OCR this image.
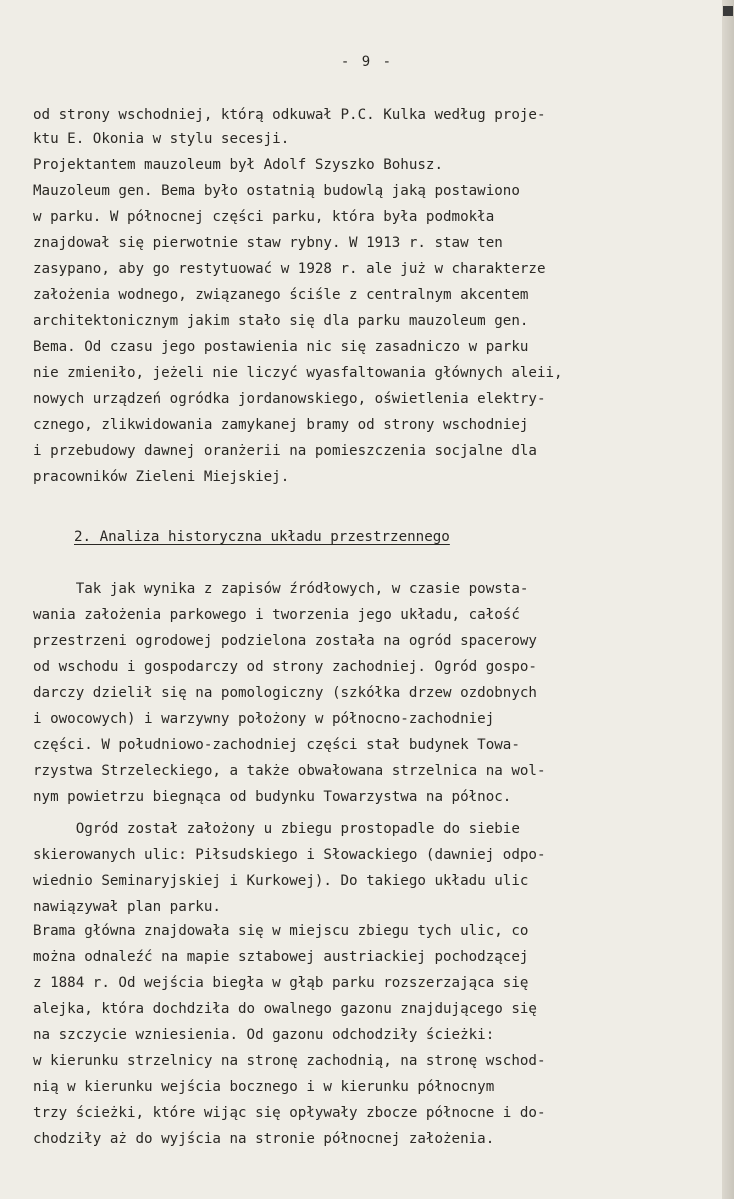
- 9 -

od strony wschodniej, którą odkuwał P.C. Kulka według proje-

ktu E. Okonia w stylu secesji.

Projektantem mauzoleum był Adolf Szyszko Bohusz.

Mauzoleum gen. Bema było ostatnią budowlą jaką postawiono

w parku. W północnej części parku, która była podmokła

znajdował się pierwotnie staw rybny. W 1913 r. staw ten

zasypano, aby go restytuować w 1928 r. ale już w charakterze

założenia wodnego, związanego ściśle z centralnym akcentem

architektonicznym jakim stało się dla parku mauzoleum gen.

Bema. Od czasu jego postawienia nic się zasadniczo w parku

nie zmieniło, jeżeli nie liczyć wyasfaltowania głównych aleii,

nowych urządzeń ogródka jordanowskiego, oświetlenia elektry-

cznego, zlikwidowania zamykanej bramy od strony wschodniej

i przebudowy dawnej oranżerii na pomieszczenia socjalne dla

pracowników Zieleni Miejskiej.

2. Analiza historyczna układu przestrzennego

Tak jak wynika z zapisów źródłowych, w czasie powsta-

wania założenia parkowego i tworzenia jego układu, całość

przestrzeni ogrodowej podzielona została na ogród spacerowy

od wschodu i gospodarczy od strony zachodniej. Ogród gospo-

darczy dzielił się na pomologiczny (szkółka drzew ozdobnych

i owocowych) i warzywny położony w północno-zachodniej

części. W południowo-zachodniej części stał budynek Towa-

rzystwa Strzeleckiego, a także obwałowana strzelnica na wol-

nym powietrzu biegnąca od budynku Towarzystwa na północ.

Ogród został założony u zbiegu prostopadle do siebie

skierowanych ulic: Piłsudskiego i Słowackiego (dawniej odpo-

wiednio Seminaryjskiej i Kurkowej). Do takiego układu ulic

nawiązywał plan parku.

Brama główna znajdowała się w miejscu zbiegu tych ulic, co

można odnaleźć na mapie sztabowej austriackiej pochodzącej

z 1884 r. Od wejścia biegła w głąb parku rozszerzająca się

alejka, która dochdziła do owalnego gazonu znajdującego się

na szczycie wzniesienia. Od gazonu odchodziły ścieżki:

w kierunku strzelnicy na stronę zachodnią, na stronę wschod-

nią w kierunku wejścia bocznego i w kierunku północnym

trzy ścieżki, które wijąc się opływały zbocze północne i do-

chodziły aż do wyjścia na stronie północnej założenia.
